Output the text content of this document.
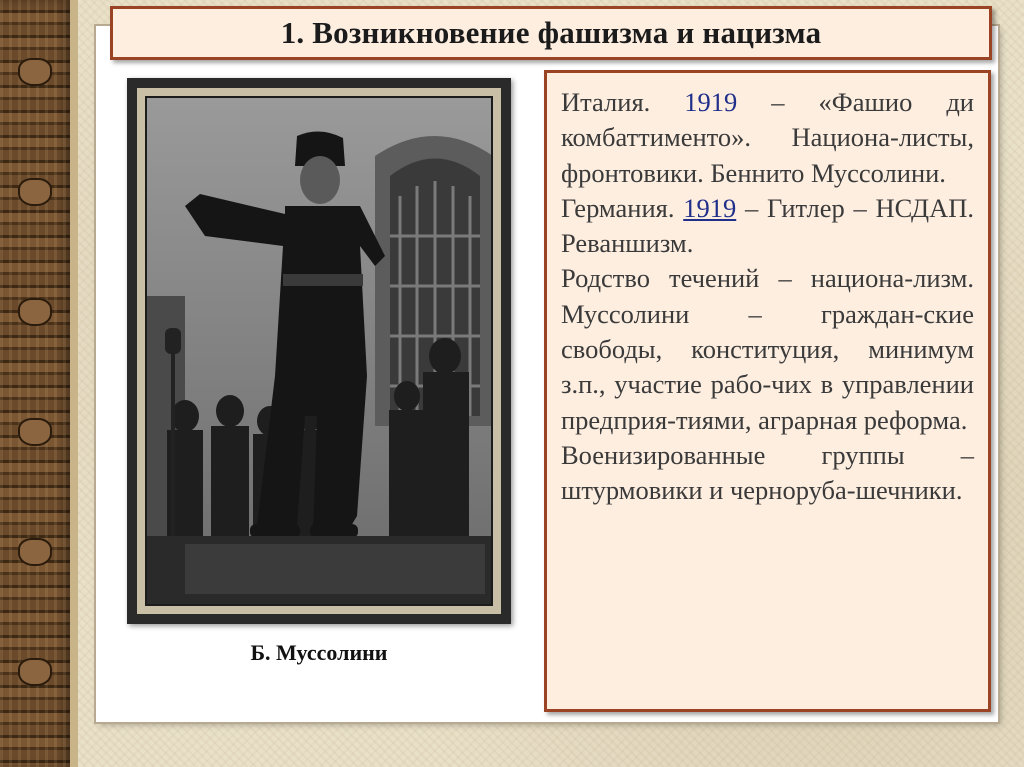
1. Возникновение фашизма и нацизма
Б. Муссолини

Италия. 1919 – «Фашио ди комбаттименто». Национа-листы, фронтовики. Беннито Муссолини.

Германия. 1919 – Гитлер – НСДАП. Реваншизм.

Родство течений – национа-лизм. Муссолини – граждан-ские свободы, конституция, минимум з.п., участие рабо-чих в управлении предприя-тиями, аграрная реформа.

Военизированные группы – штурмовики и черноруба-шечники.
